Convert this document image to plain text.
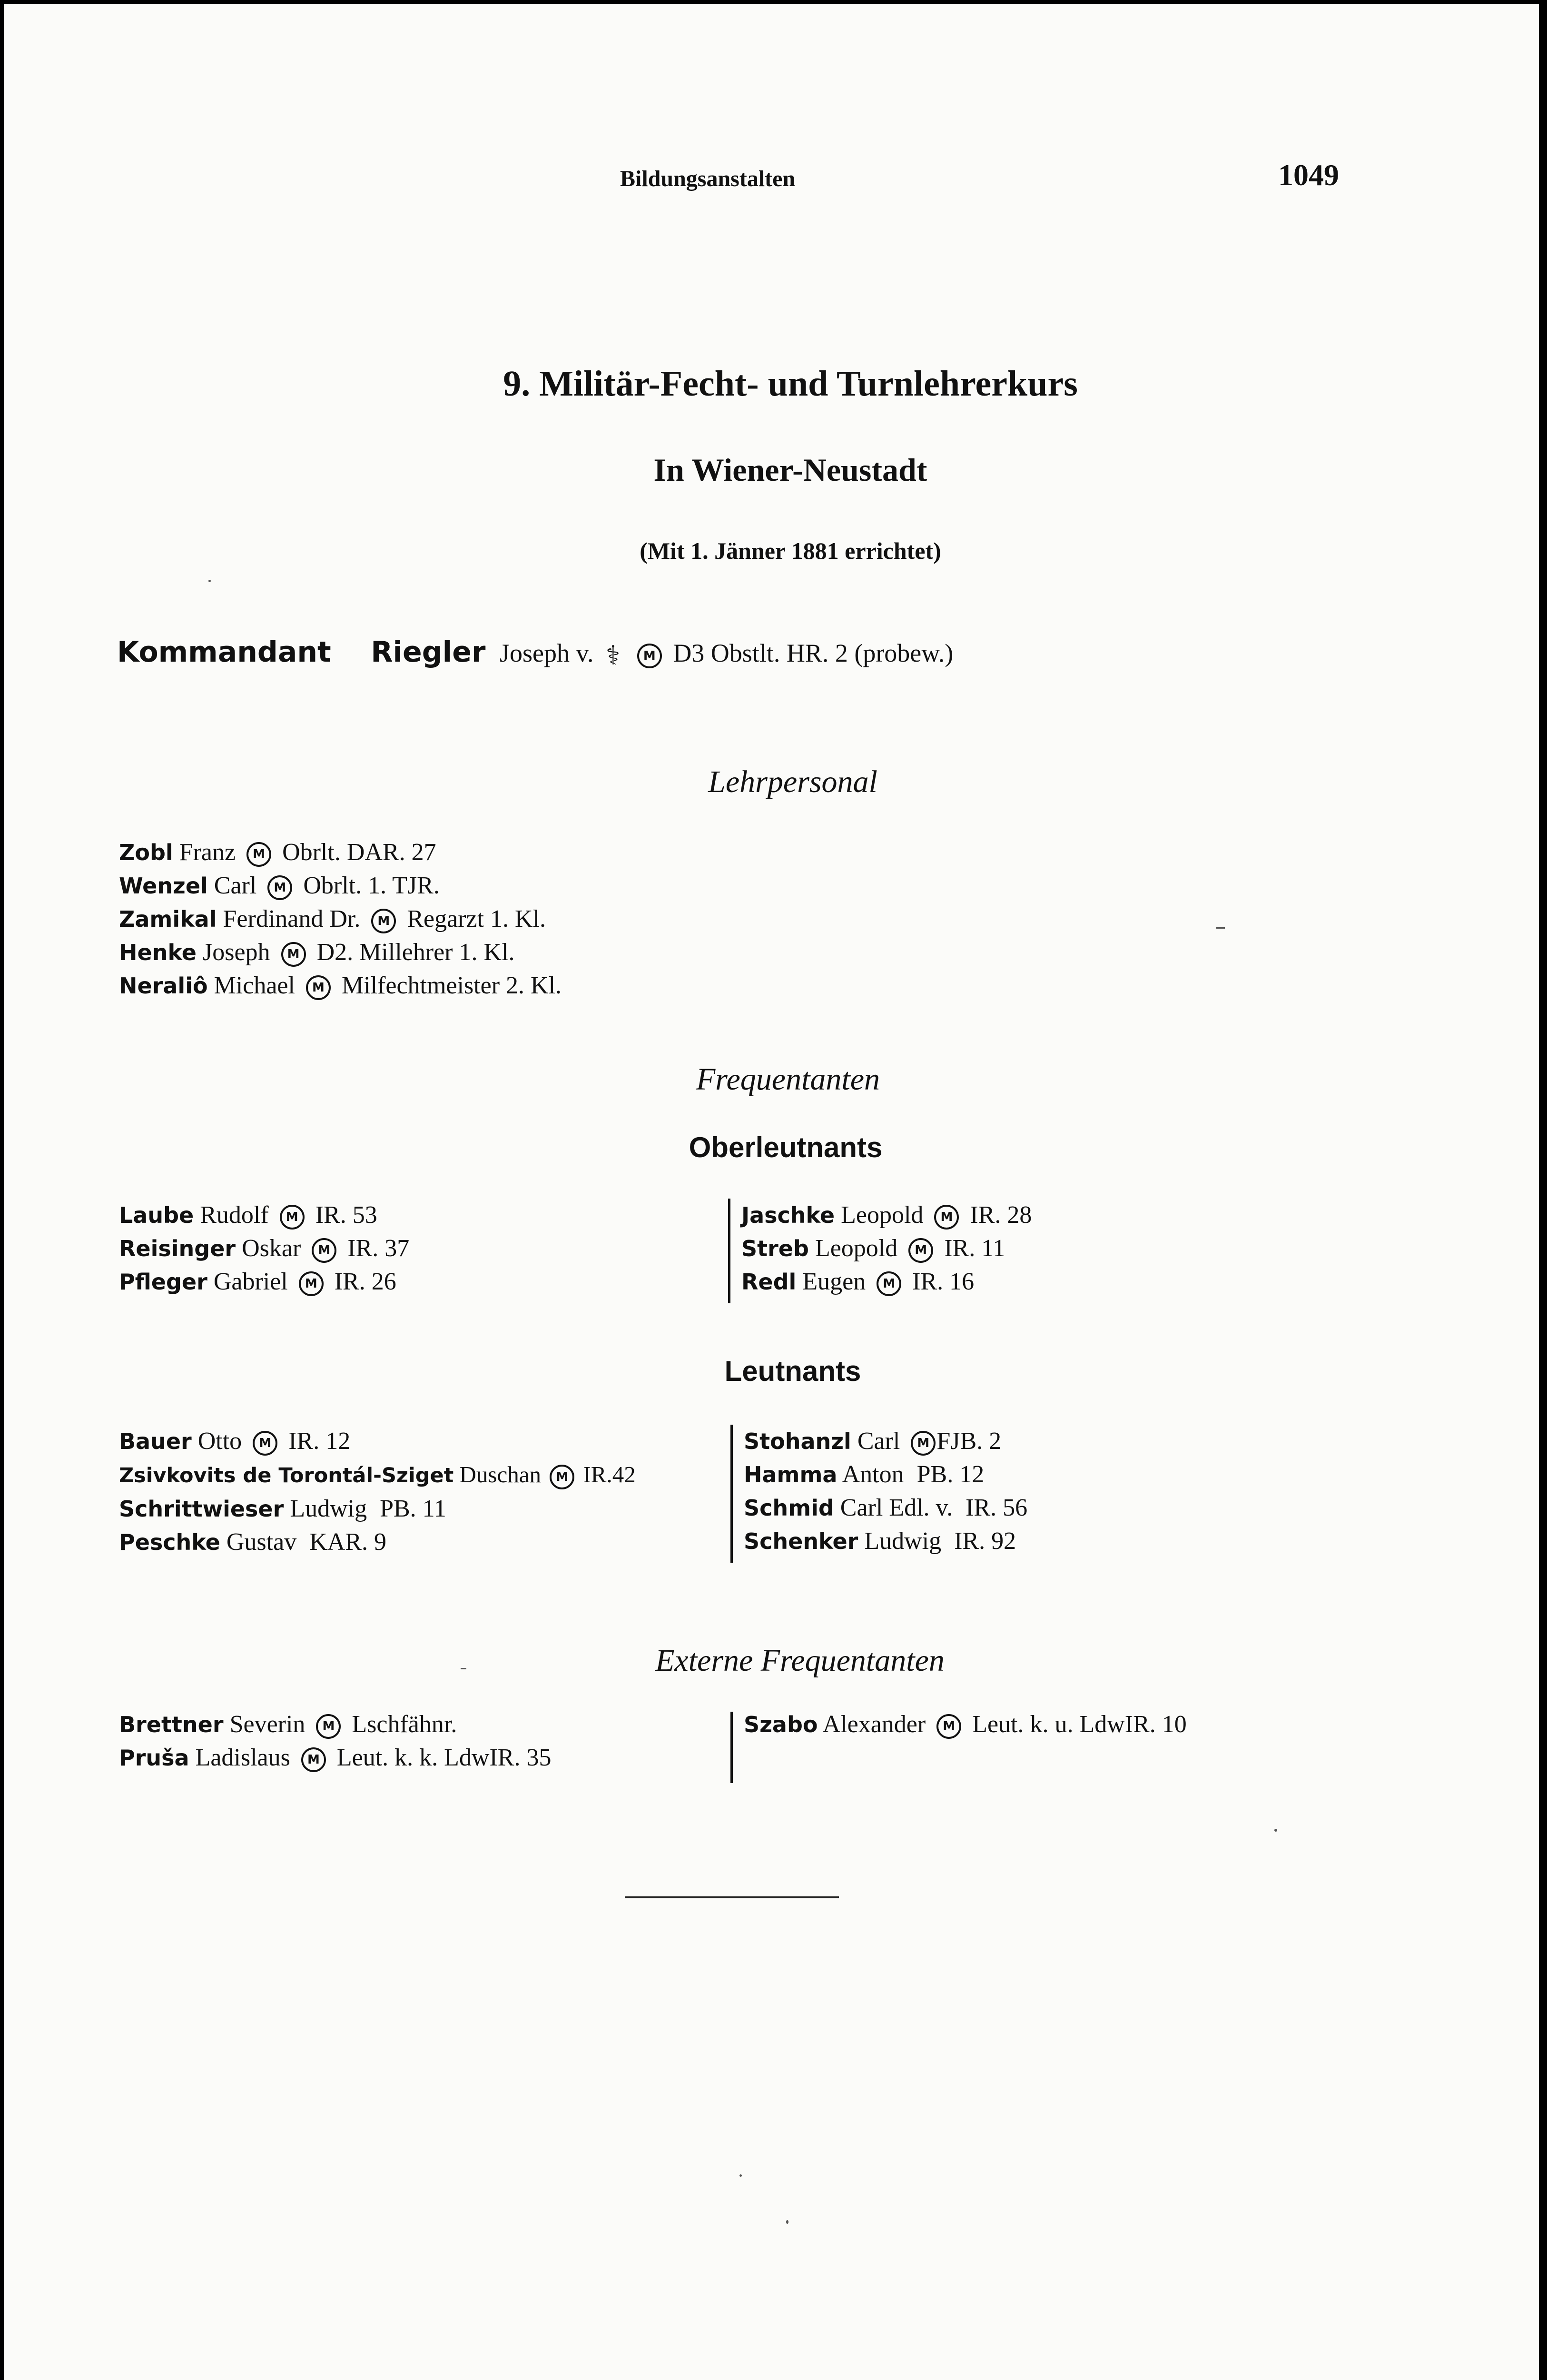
Bildungsanstalten	1049
9. Militär-Fecht- und Turnlehrerkurs
In Wiener-Neustadt
(Mit 1. Jänner 1881 errichtet)
Kommandant Riegler Joseph v. ⚕ M D3 Obstlt. HR. 2 (probew.)
Lehrpersonal
Zobl Franz M Obrlt. DAR. 27
Wenzel Carl M Obrlt. 1. TJR.
Zamikal Ferdinand Dr. M Regarzt 1. Kl.
Henke Joseph M D2. Millehrer 1. Kl.
Neraliô Michael M Milfechtmeister 2. Kl.
Frequentanten
Oberleutnants
Laube Rudolf M IR. 53
Reisinger Oskar M IR. 37
Pfleger Gabriel M IR. 26
Jaschke Leopold M IR. 28
Streb Leopold M IR. 11
Redl Eugen M IR. 16
Leutnants
Bauer Otto M IR. 12
Zsivkovits de Torontál-Sziget Duschan M IR.42
Schrittwieser Ludwig PB. 11
Peschke Gustav KAR. 9
Stohanzl Carl M FJB. 2
Hamma Anton PB. 12
Schmid Carl Edl. v. IR. 56
Schenker Ludwig IR. 92
Externe Frequentanten
Brettner Severin M Lschfähnr.
Pruša Ladislaus M Leut. k. k. LdwIR. 35
Szabo Alexander M Leut. k. u. LdwIR. 10
